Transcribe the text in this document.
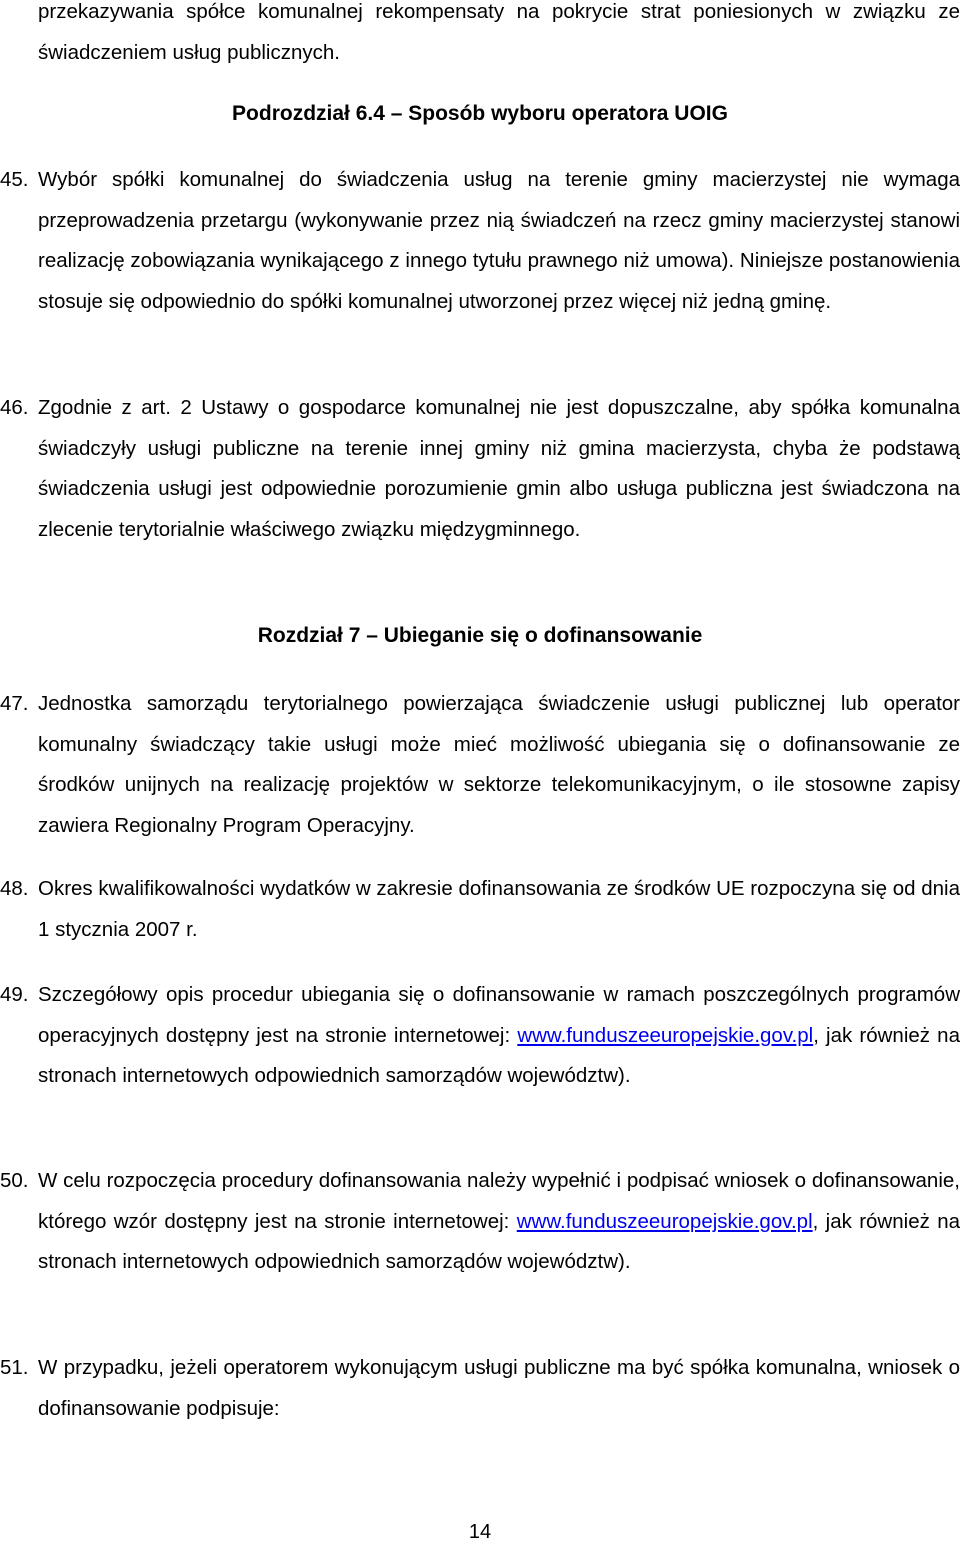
przekazywania spółce komunalnej rekompensaty na pokrycie strat poniesionych w związku ze świadczeniem usług publicznych.

Podrozdział 6.4 – Sposób wyboru operatora UOIG
45. Wybór spółki komunalnej do świadczenia usług na terenie gminy macierzystej nie wymaga przeprowadzenia przetargu (wykonywanie przez nią świadczeń na rzecz gminy macierzystej stanowi realizację zobowiązania wynikającego z innego tytułu prawnego niż umowa). Niniejsze postanowienia stosuje się odpowiednio do spółki komunalnej utworzonej przez więcej niż jedną gminę.
46. Zgodnie z art. 2 Ustawy o gospodarce komunalnej nie jest dopuszczalne, aby spółka komunalna świadczyły usługi publiczne na terenie innej gminy niż gmina macierzysta, chyba że podstawą świadczenia usługi jest odpowiednie porozumienie gmin albo usługa publiczna jest świadczona na zlecenie terytorialnie właściwego związku międzygminnego.
Rozdział 7 – Ubieganie się o dofinansowanie
47. Jednostka samorządu terytorialnego powierzająca świadczenie usługi publicznej lub operator komunalny świadczący takie usługi może mieć możliwość ubiegania się o dofinansowanie ze środków unijnych na realizację projektów w sektorze telekomunikacyjnym, o ile stosowne zapisy zawiera Regionalny Program Operacyjny.
48. Okres kwalifikowalności wydatków w zakresie dofinansowania ze środków UE rozpoczyna się od dnia 1 stycznia 2007 r.
49. Szczegółowy opis procedur ubiegania się o dofinansowanie w ramach poszczególnych programów operacyjnych dostępny jest na stronie internetowej: www.funduszeeuropejskie.gov.pl, jak również na stronach internetowych odpowiednich samorządów województw).
50. W celu rozpoczęcia procedury dofinansowania należy wypełnić i podpisać wniosek o dofinansowanie, którego wzór dostępny jest na stronie internetowej: www.funduszeeuropejskie.gov.pl, jak również na stronach internetowych odpowiednich samorządów województw).
51. W przypadku, jeżeli operatorem wykonującym usługi publiczne ma być spółka komunalna, wniosek o dofinansowanie podpisuje:
14
